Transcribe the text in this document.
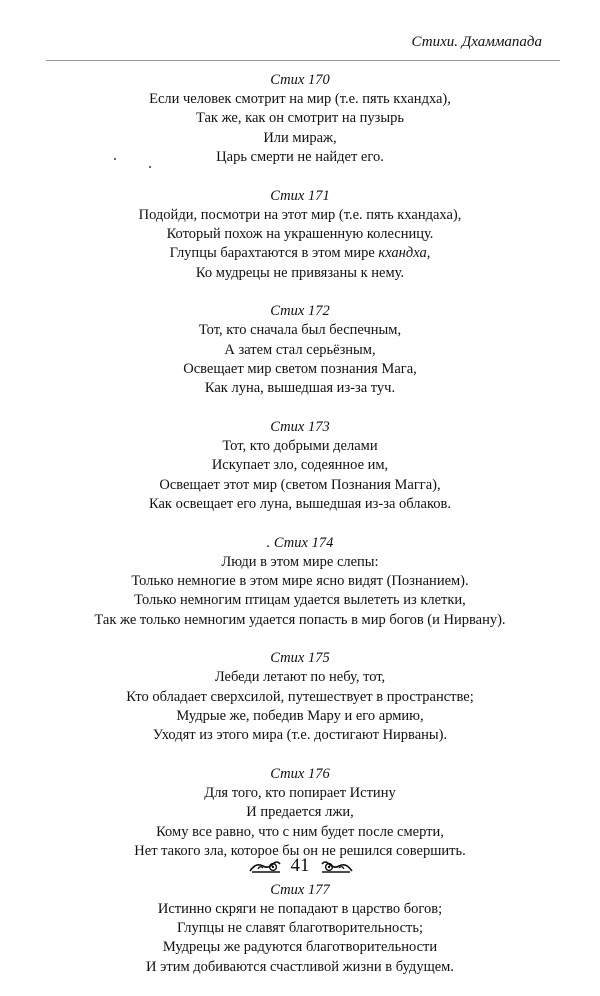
Стихи. Дхаммапада
Стих 170
Если человек смотрит на мир (т.е. пять кхандха),
Так же, как он смотрит на пузырь
Или мираж,
Царь смерти не найдет его.
Стих 171
Подойди, посмотри на этот мир (т.е. пять кхандаха),
Который похож на украшенную колесницу.
Глупцы барахтаются в этом мире кхандха,
Ко мудрецы не привязаны к нему.
Стих 172
Тот, кто сначала был беспечным,
А затем стал серьёзным,
Освещает мир светом познания Мага,
Как луна, вышедшая из-за туч.
Стих 173
Тот, кто добрыми делами
Искупает зло, содеянное им,
Освещает этот мир (светом Познания Магга),
Как освещает его луна, вышедшая из-за облаков.
. Стих 174
Люди в этом мире слепы:
Только немногие в этом мире ясно видят (Познанием).
Только немногим птицам удается вылететь из клетки,
Так же только немногим удается попасть в мир богов (и Нирвану).
Стих 175
Лебеди летают по небу, тот,
Кто обладает сверхсилой, путешествует в пространстве;
Мудрые же, победив Мару и его армию,
Уходят из этого мира (т.е. достигают Нирваны).
Стих 176
Для того, кто попирает Истину
И предается лжи,
Кому все равно, что с ним будет после смерти,
Нет такого зла, которое бы он не решился совершить.
Стих 177
Истинно скряги не попадают в царство богов;
Глупцы не славят благотворительность;
Мудрецы же радуются благотворительности
И этим добиваются счастливой жизни в будущем.
41
